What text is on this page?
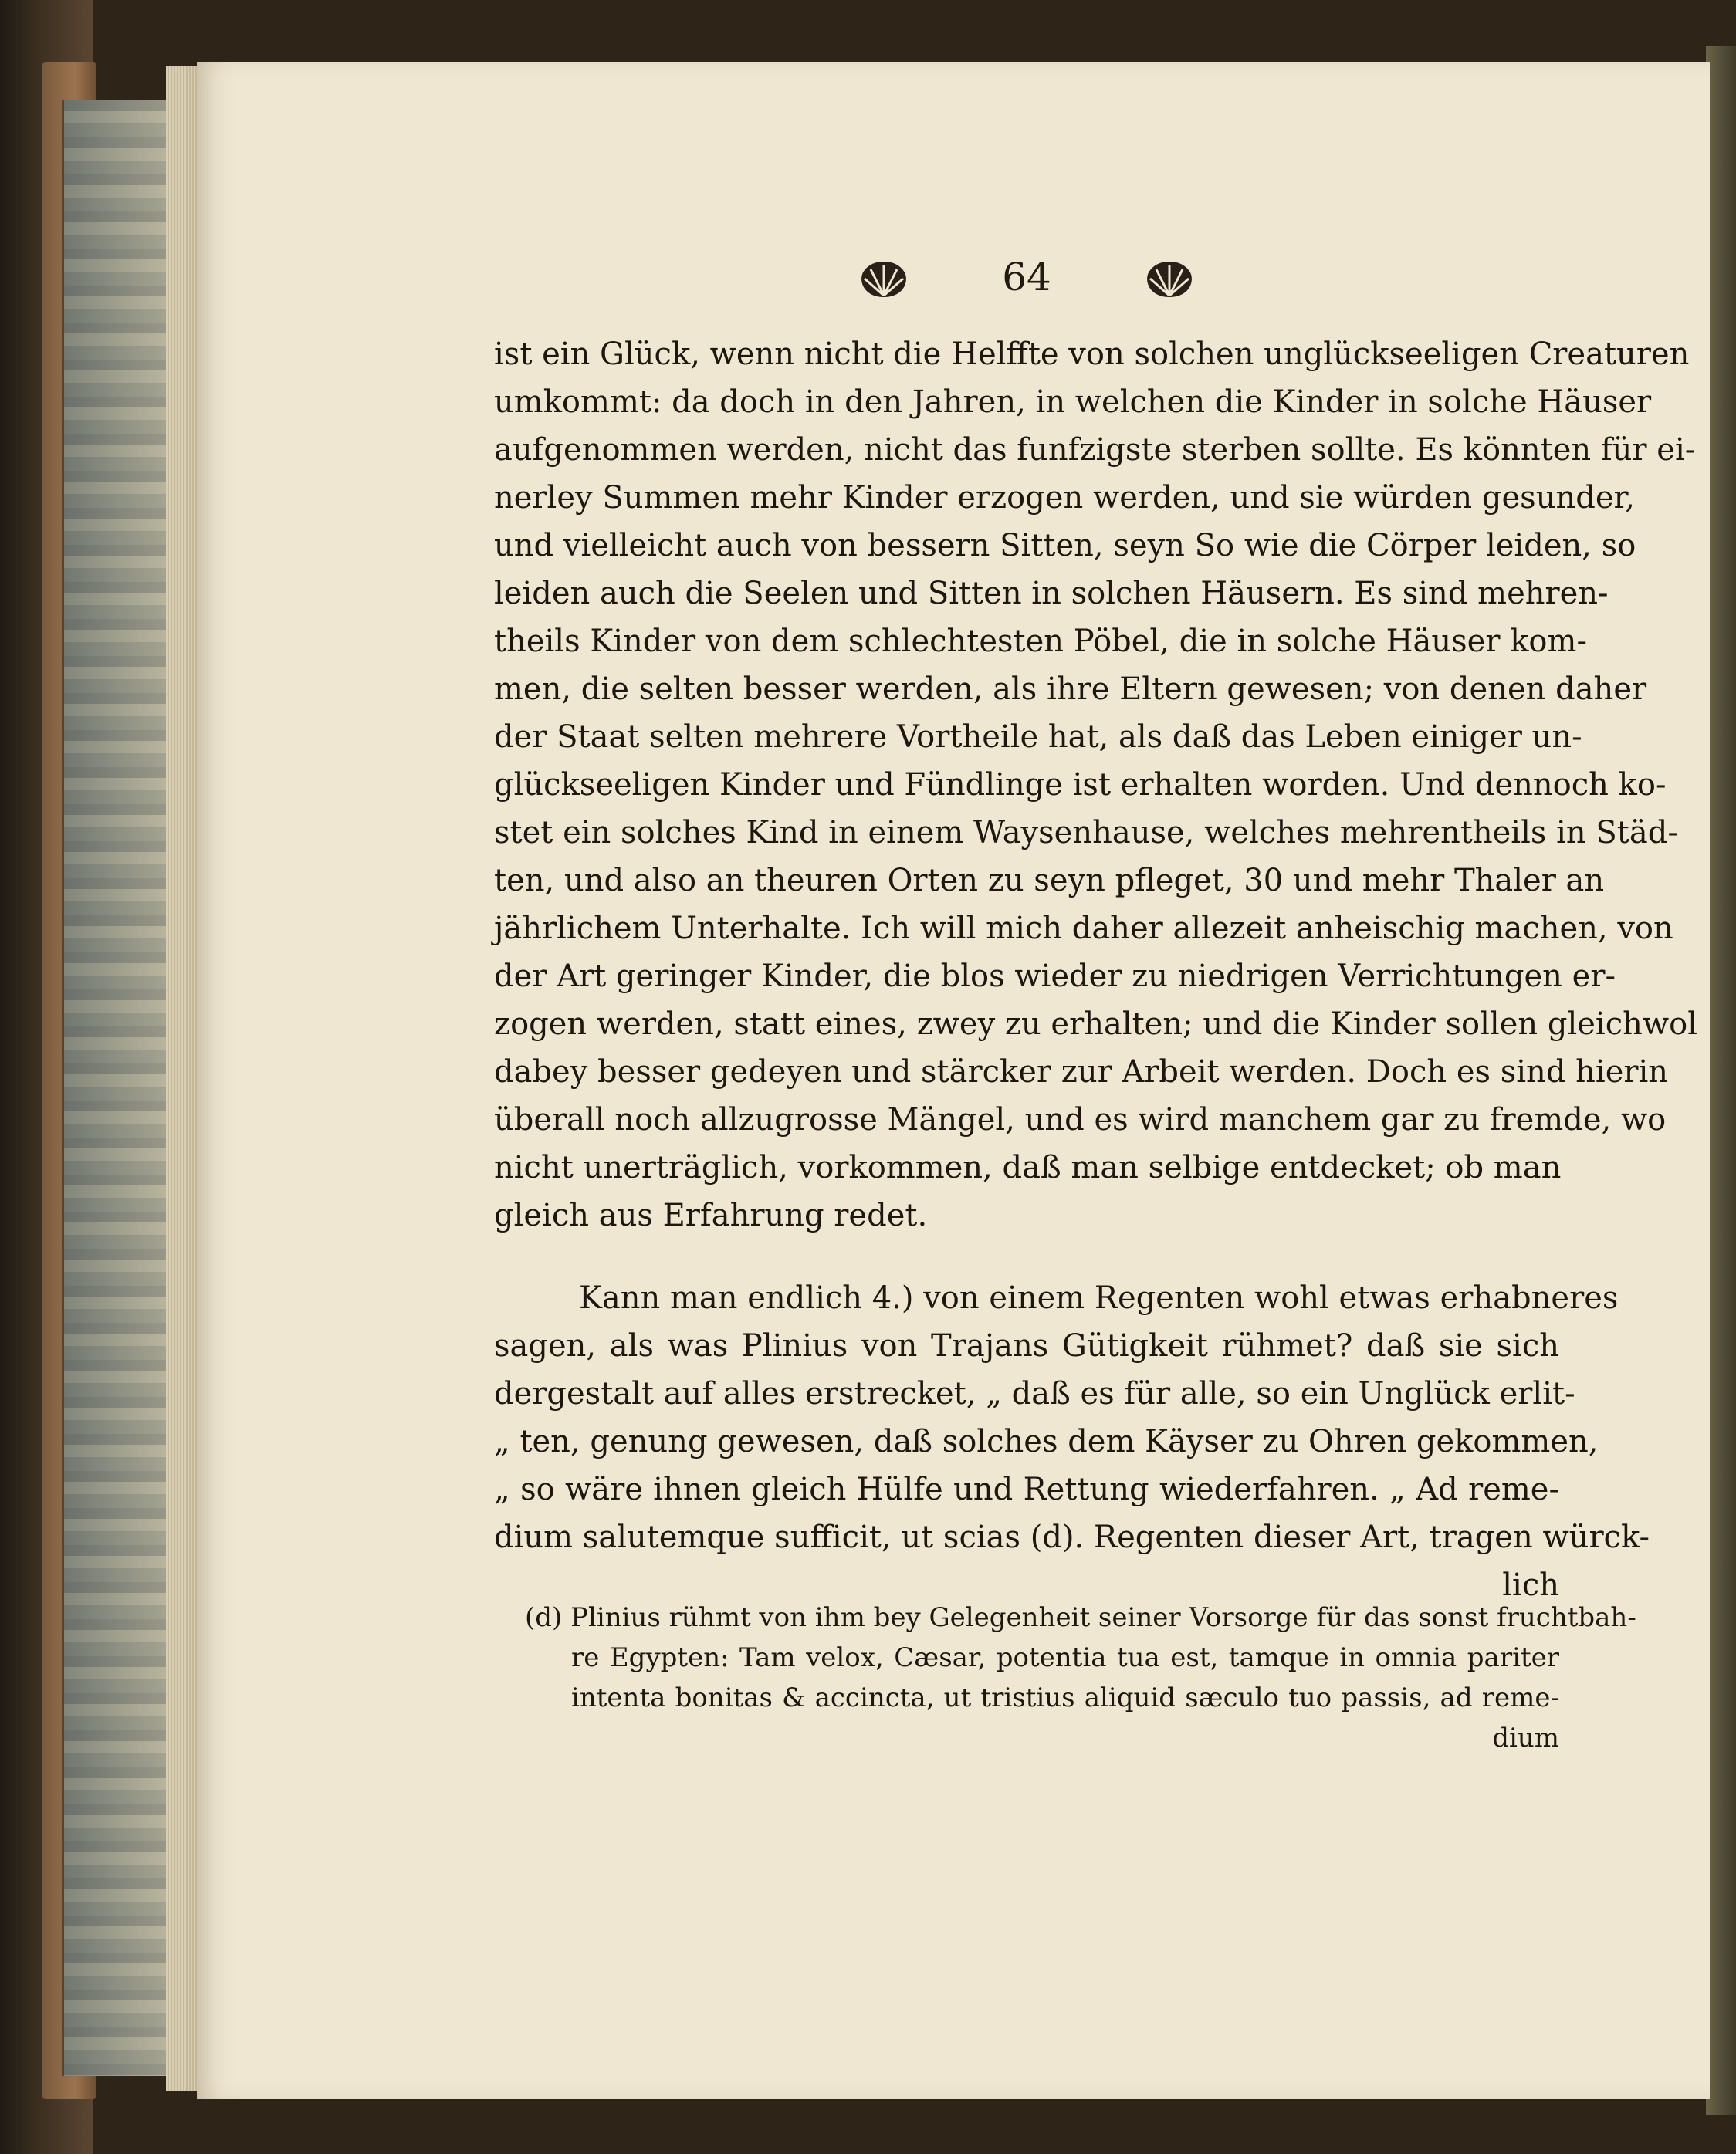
64
ist ein Glück, wenn nicht die Helffte von solchen unglückseeligen Creaturen
umkommt: da doch in den Jahren, in welchen die Kinder in solche Häuser
aufgenommen werden, nicht das funfzigste sterben sollte. Es könnten für ei-
nerley Summen mehr Kinder erzogen werden, und sie würden gesunder,
und vielleicht auch von bessern Sitten, seyn So wie die Cörper leiden, so
leiden auch die Seelen und Sitten in solchen Häusern. Es sind mehren-
theils Kinder von dem schlechtesten Pöbel, die in solche Häuser kom-
men, die selten besser werden, als ihre Eltern gewesen; von denen daher
der Staat selten mehrere Vortheile hat, als daß das Leben einiger un-
glückseeligen Kinder und Fündlinge ist erhalten worden. Und dennoch ko-
stet ein solches Kind in einem Waysenhause, welches mehrentheils in Städ-
ten, und also an theuren Orten zu seyn pfleget, 30 und mehr Thaler an
jährlichem Unterhalte. Ich will mich daher allezeit anheischig machen, von
der Art geringer Kinder, die blos wieder zu niedrigen Verrichtungen er-
zogen werden, statt eines, zwey zu erhalten; und die Kinder sollen gleichwol
dabey besser gedeyen und stärcker zur Arbeit werden. Doch es sind hierin
überall noch allzugrosse Mängel, und es wird manchem gar zu fremde, wo
nicht unerträglich, vorkommen, daß man selbige entdecket; ob man
gleich aus Erfahrung redet.
Kann man endlich 4.) von einem Regenten wohl etwas erhabneres
sagen, als was Plinius von Trajans Gütigkeit rühmet? daß sie sich
dergestalt auf alles erstrecket, „ daß es für alle, so ein Unglück erlit-
„ ten, genung gewesen, daß solches dem Käyser zu Ohren gekommen,
„ so wäre ihnen gleich Hülfe und Rettung wiederfahren. „ Ad reme-
dium salutemque sufficit, ut scias (d). Regenten dieser Art, tragen würck-
lich
(d) Plinius rühmt von ihm bey Gelegenheit seiner Vorsorge für das sonst fruchtbah-
re Egypten: Tam velox, Cæsar, potentia tua est, tamque in omnia pariter
intenta bonitas & accincta, ut tristius aliquid sæculo tuo passis, ad reme-
dium
